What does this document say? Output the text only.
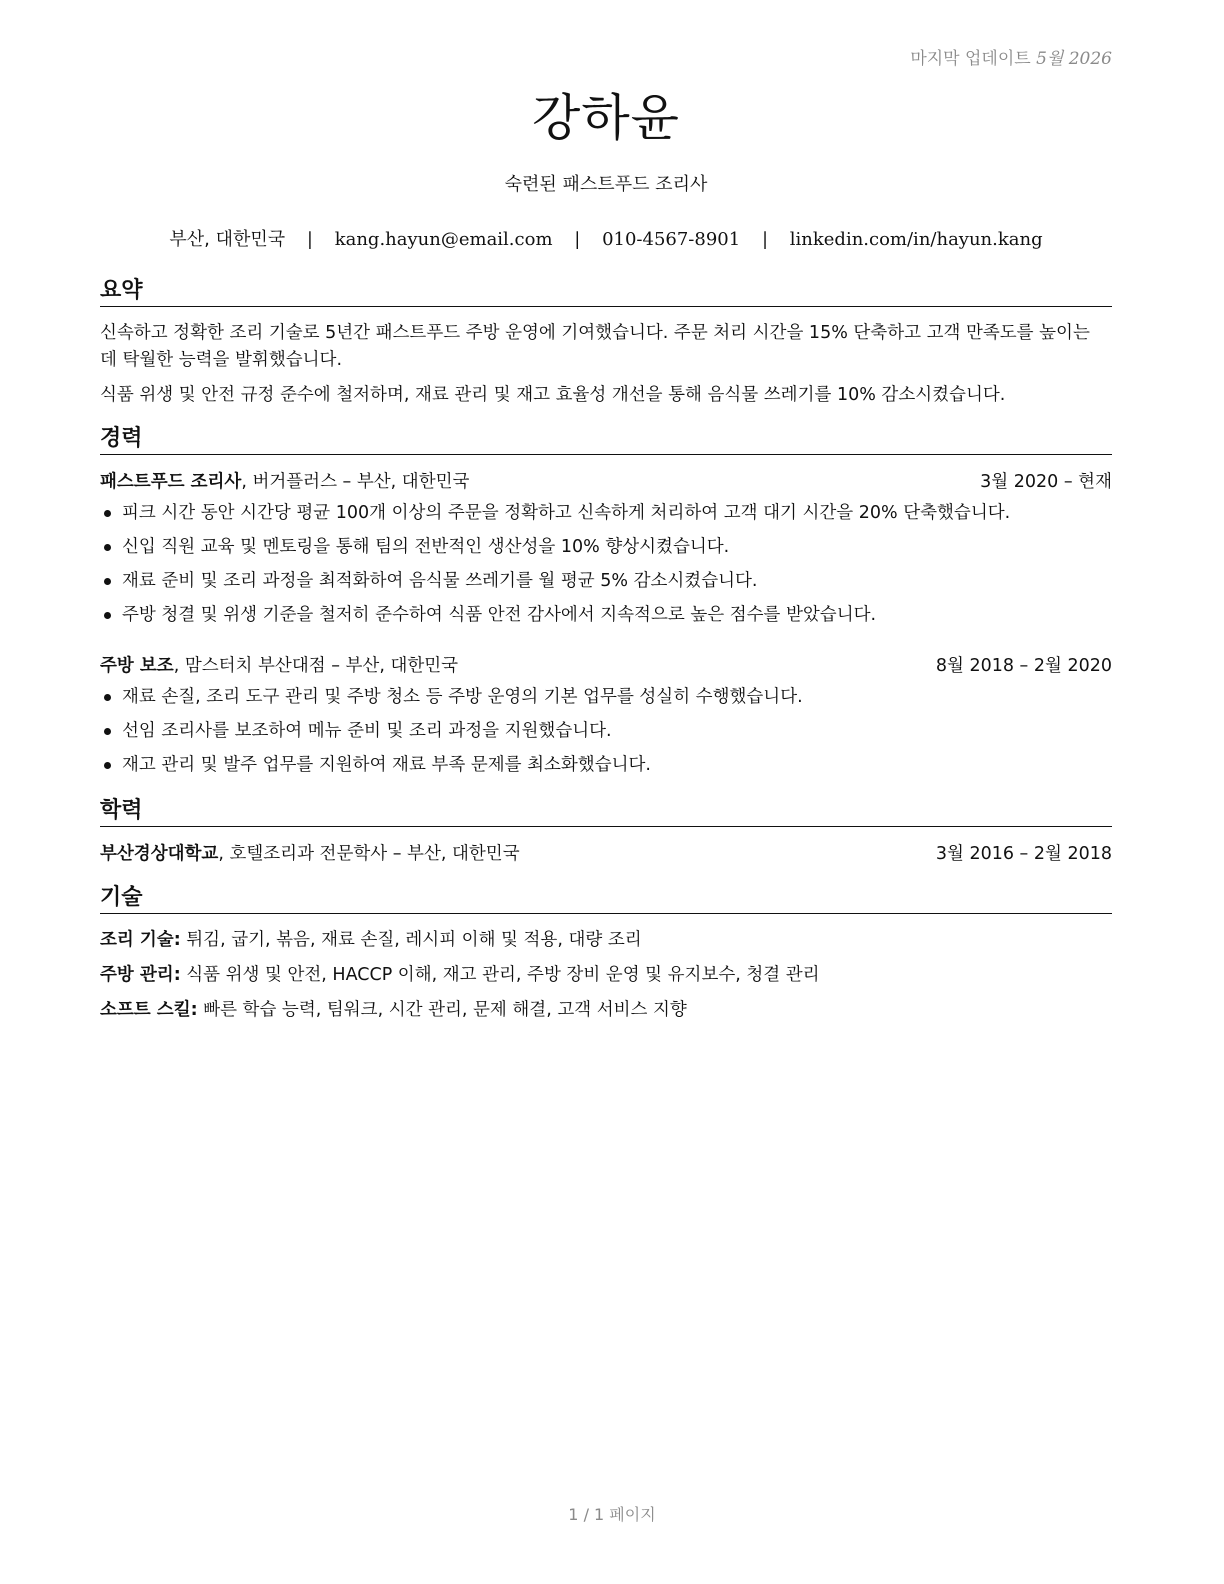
마지막 업데이트 5월 2026
강하윤
숙련된 패스트푸드 조리사
부산, 대한민국 | kang.hayun@email.com | 010-4567-8901 | linkedin.com/in/hayun.kang
요약
신속하고 정확한 조리 기술로 5년간 패스트푸드 주방 운영에 기여했습니다. 주문 처리 시간을 15% 단축하고 고객 만족도를 높이는 데 탁월한 능력을 발휘했습니다.
식품 위생 및 안전 규정 준수에 철저하며, 재료 관리 및 재고 효율성 개선을 통해 음식물 쓰레기를 10% 감소시켰습니다.
경력
패스트푸드 조리사, 버거플러스 – 부산, 대한민국	3월 2020 – 현재
피크 시간 동안 시간당 평균 100개 이상의 주문을 정확하고 신속하게 처리하여 고객 대기 시간을 20% 단축했습니다.
신입 직원 교육 및 멘토링을 통해 팀의 전반적인 생산성을 10% 향상시켰습니다.
재료 준비 및 조리 과정을 최적화하여 음식물 쓰레기를 월 평균 5% 감소시켰습니다.
주방 청결 및 위생 기준을 철저히 준수하여 식품 안전 감사에서 지속적으로 높은 점수를 받았습니다.
주방 보조, 맘스터치 부산대점 – 부산, 대한민국	8월 2018 – 2월 2020
재료 손질, 조리 도구 관리 및 주방 청소 등 주방 운영의 기본 업무를 성실히 수행했습니다.
선임 조리사를 보조하여 메뉴 준비 및 조리 과정을 지원했습니다.
재고 관리 및 발주 업무를 지원하여 재료 부족 문제를 최소화했습니다.
학력
부산경상대학교, 호텔조리과 전문학사 – 부산, 대한민국	3월 2016 – 2월 2018
기술
조리 기술: 튀김, 굽기, 볶음, 재료 손질, 레시피 이해 및 적용, 대량 조리
주방 관리: 식품 위생 및 안전, HACCP 이해, 재고 관리, 주방 장비 운영 및 유지보수, 청결 관리
소프트 스킬: 빠른 학습 능력, 팀워크, 시간 관리, 문제 해결, 고객 서비스 지향
1 / 1 페이지
